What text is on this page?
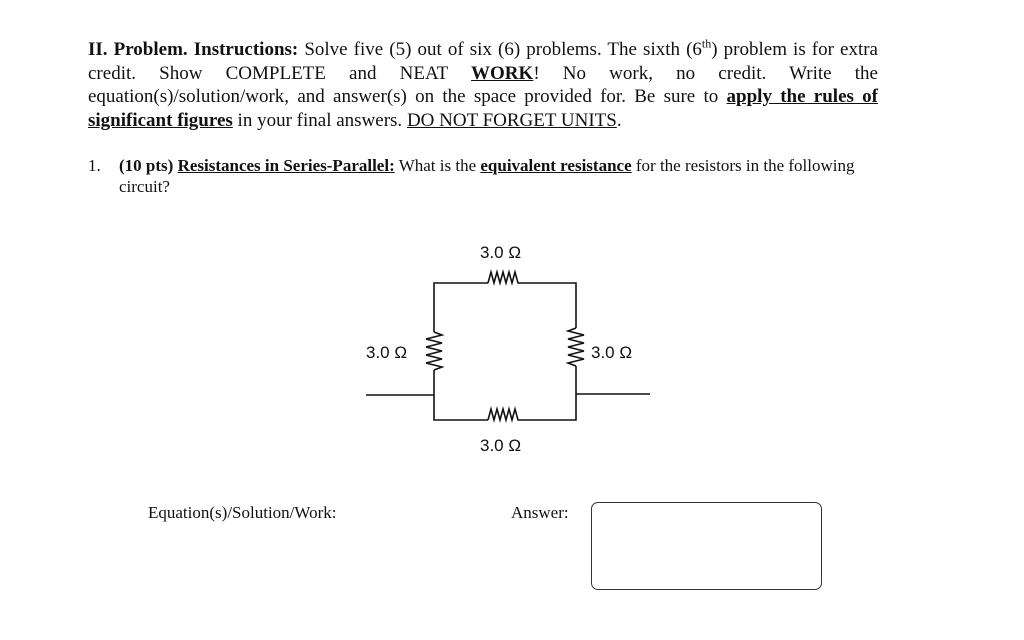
II. Problem. Instructions: Solve five (5) out of six (6) problems. The sixth (6th) problem is for extra credit. Show COMPLETE and NEAT WORK! No work, no credit. Write the equation(s)/solution/work, and answer(s) on the space provided for. Be sure to apply the rules of significant figures in your final answers. DO NOT FORGET UNITS.
1. (10 pts) Resistances in Series-Parallel: What is the equivalent resistance for the resistors in the following circuit?
3.0 Ω
3.0 Ω	3.0 Ω
3.0 Ω
Equation(s)/Solution/Work:	Answer:
